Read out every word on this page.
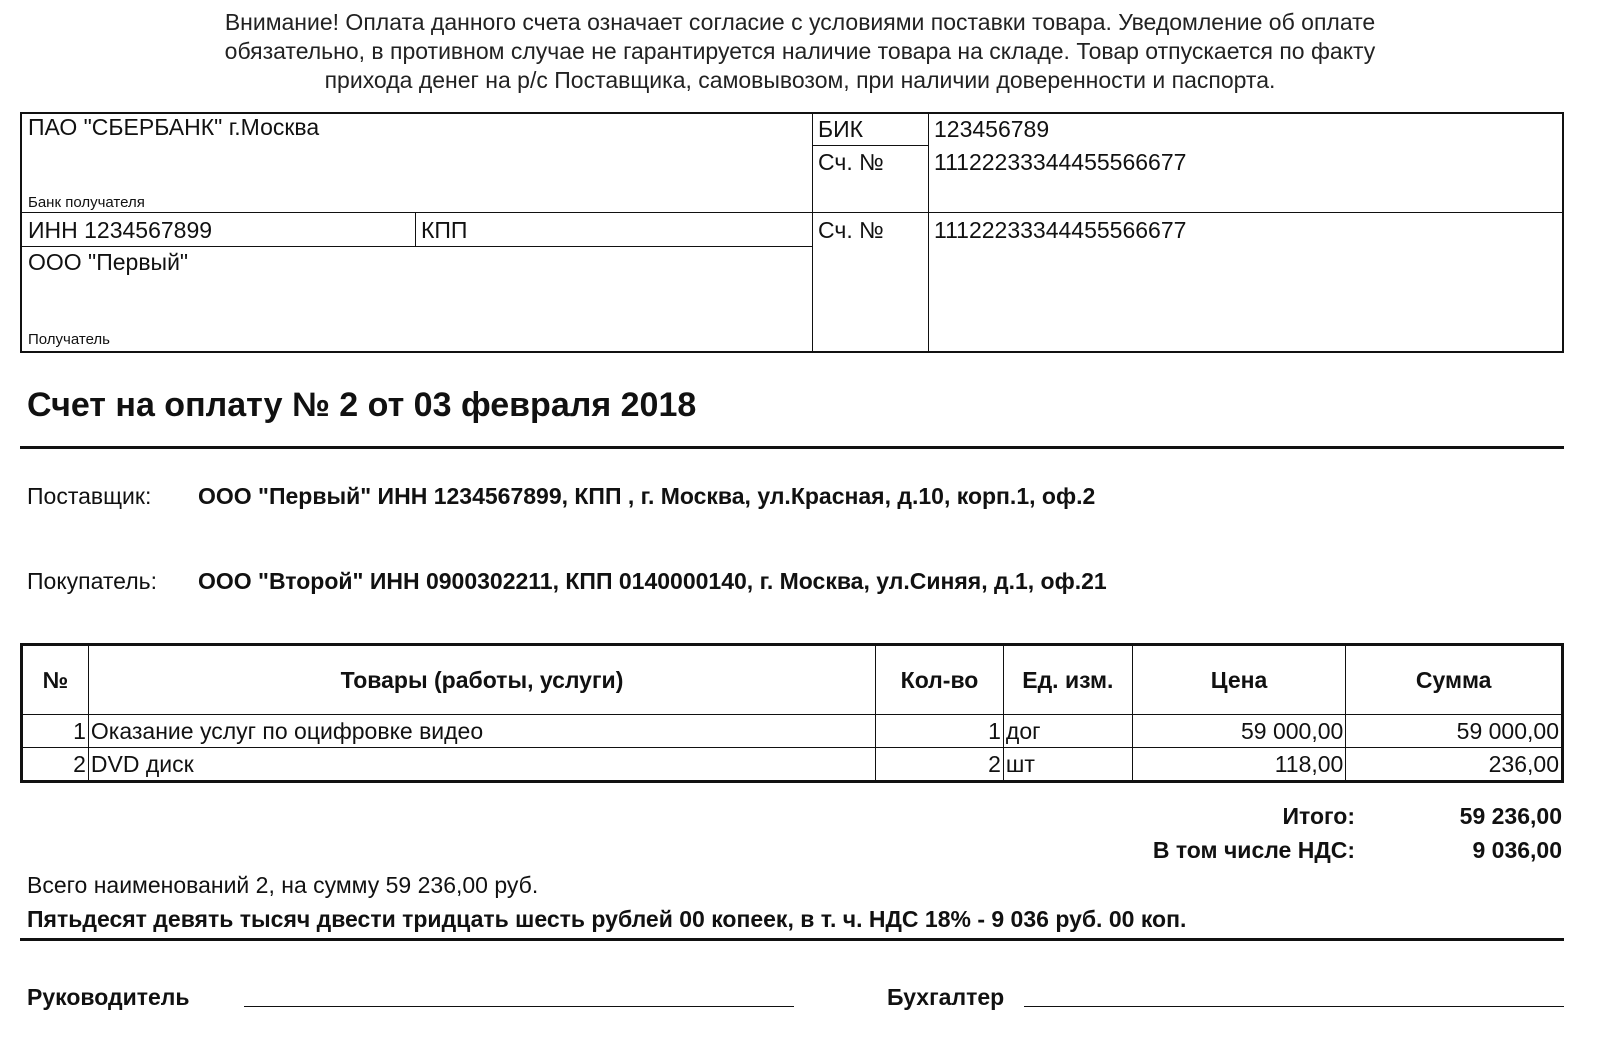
Внимание! Оплата данного счета означает согласие с условиями поставки товара. Уведомление об оплате
обязательно, в противном случае не гарантируется наличие товара на складе. Товар отпускается по факту
прихода денег на р/с Поставщика, самовывозом, при наличии доверенности и паспорта.
ПАО "СБЕРБАНК" г.Москва
Банк получателя
БИК	123456789
Сч. № 11122233344455566677
ИНН 1234567899	КПП	Сч. № 11122233344455566677
ООО "Первый"
Получатель
Счет на оплату № 2 от 03 февраля 2018
Поставщик: ООО "Первый" ИНН 1234567899, КПП , г. Москва, ул.Красная, д.10, корп.1, оф.2
Покупатель: ООО "Второй" ИНН 0900302211, КПП 0140000140, г. Москва, ул.Синяя, д.1, оф.21
№	Товары (работы, услуги)	Кол-во	Ед. изм.	Цена	Сумма
1	Оказание услуг по оцифровке видео	1	дог	59 000,00	59 000,00
2	DVD диск	2	шт	118,00	236,00
Итого:	59 236,00
В том числе НДС:	9 036,00
Всего наименований 2, на сумму 59 236,00 руб.
Пятьдесят девять тысяч двести тридцать шесть рублей 00 копеек, в т. ч. НДС 18% - 9 036 руб. 00 коп.
Руководитель	Бухгалтер
